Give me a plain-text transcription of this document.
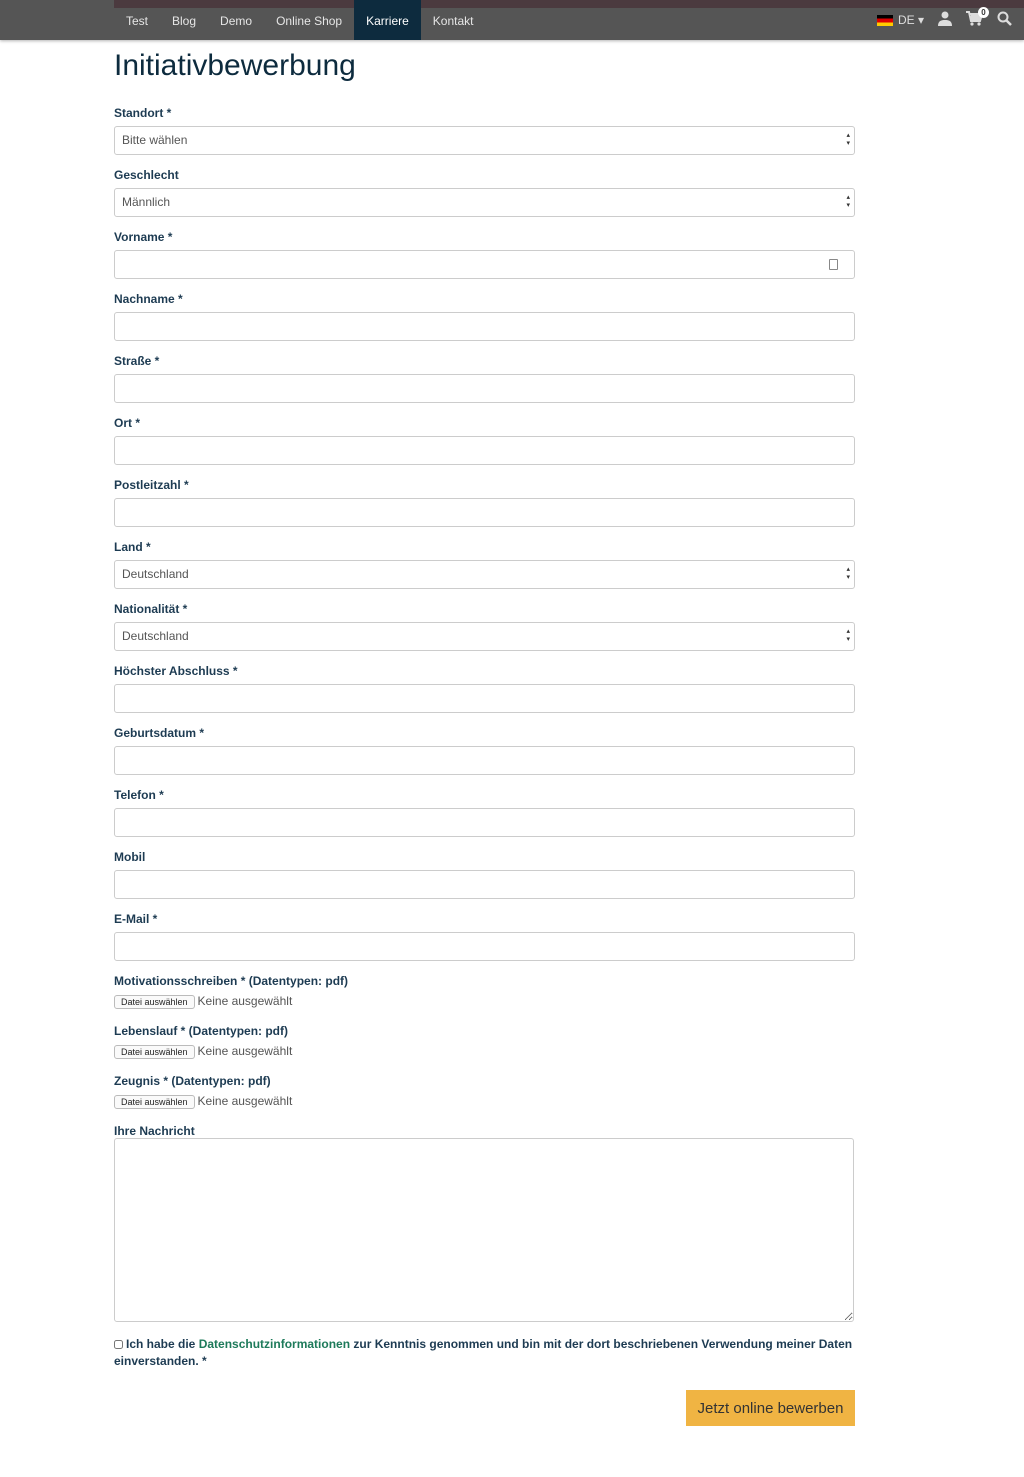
Test	Blog	Demo	Online Shop	Karriere	Kontakt	DE ▾
0
Initiativbewerbung
Standort *
Bitte wählen ▴ ▾
Geschlecht
Männlich ▴ ▾
Vorname *
Nachname *
Straße *
Ort *
Postleitzahl *
Land *
Deutschland ▴ ▾
Nationalität *
Deutschland ▴ ▾
Höchster Abschluss *
Geburtsdatum *
Telefon *
Mobil
E-Mail *
Motivationsschreiben * (Datentypen: pdf)
Datei auswählen Keine ausgewählt
Lebenslauf * (Datentypen: pdf)
Datei auswählen Keine ausgewählt
Zeugnis * (Datentypen: pdf)
Datei auswählen Keine ausgewählt
Ihre Nachricht
Ich habe die Datenschutzinformationen zur Kenntnis genommen und bin mit der dort beschriebenen Verwendung meiner Daten einverstanden. *
Jetzt online bewerben
